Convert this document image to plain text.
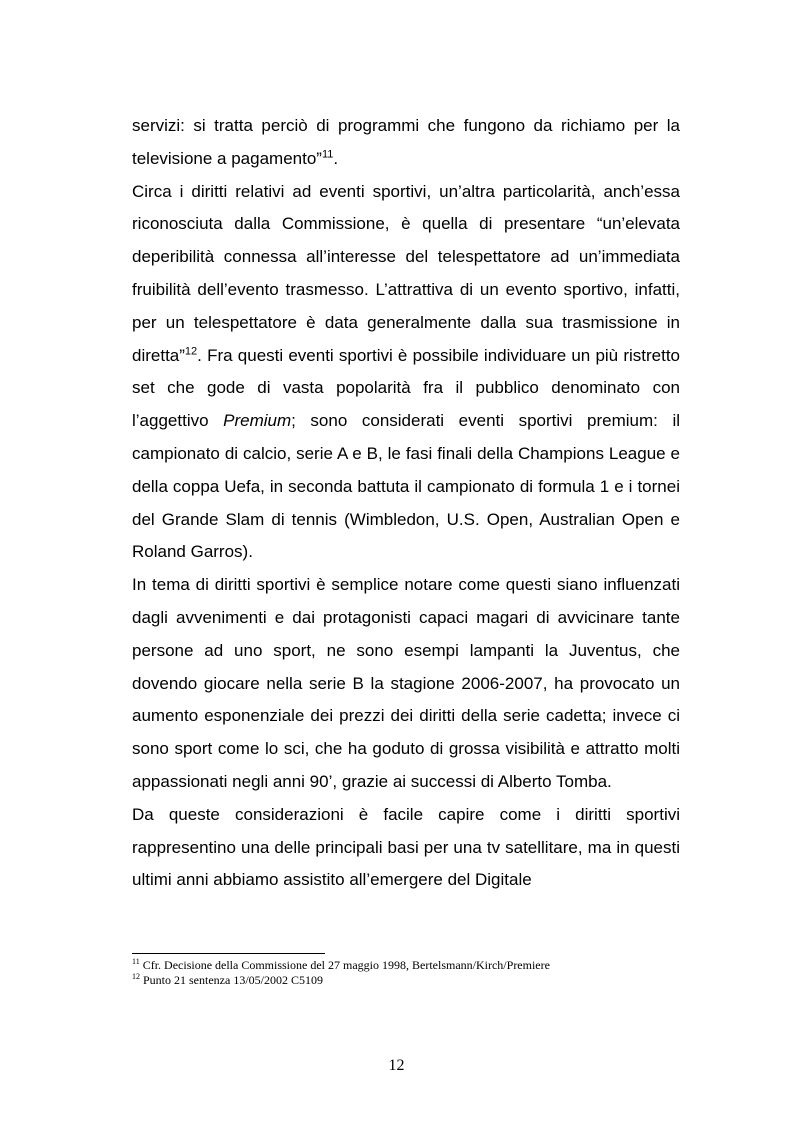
servizi: si tratta perciò di programmi che fungono da richiamo per la televisione a pagamento”$^{11}$.

Circa i diritti relativi ad eventi sportivi, un’altra particolarità, anch’essa riconosciuta dalla Commissione, è quella di presentare “un’elevata deperibilità connessa all’interesse del telespettatore ad un’immediata fruibilità dell’evento trasmesso. L’attrattiva di un evento sportivo, infatti, per un telespettatore è data generalmente dalla sua trasmissione in diretta”$^{12}$. Fra questi eventi sportivi è possibile individuare un più ristretto set che gode di vasta popolarità fra il pubblico denominato con l’aggettivo Premium; sono considerati eventi sportivi premium: il campionato di calcio, serie A e B, le fasi finali della Champions League e della coppa Uefa, in seconda battuta il campionato di formula 1 e i tornei del Grande Slam di tennis (Wimbledon, U.S. Open, Australian Open e Roland Garros).

In tema di diritti sportivi è semplice notare come questi siano influenzati dagli avvenimenti e dai protagonisti capaci magari di avvicinare tante persone ad uno sport, ne sono esempi lampanti la Juventus, che dovendo giocare nella serie B la stagione 2006-2007, ha provocato un aumento esponenziale dei prezzi dei diritti della serie cadetta; invece ci sono sport come lo sci, che ha goduto di grossa visibilità e attratto molti appassionati negli anni 90’, grazie ai successi di Alberto Tomba.

Da queste considerazioni è facile capire come i diritti sportivi rappresentino una delle principali basi per una tv satellitare, ma in questi ultimi anni abbiamo assistito all’emergere del Digitale

$^{11}$ Cfr. Decisione della Commissione del 27 maggio 1998, Bertelsmann/Kirch/Premiere
$^{12}$ Punto 21 sentenza 13/05/2002 C5109
12
